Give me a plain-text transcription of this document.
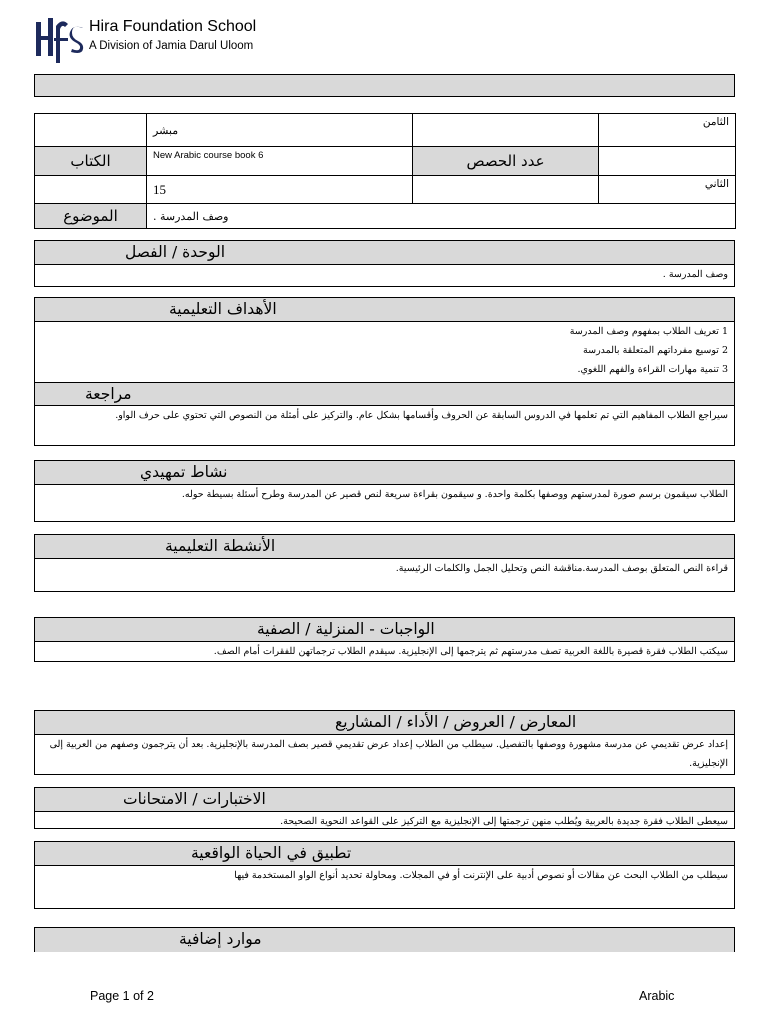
Hira Foundation School
A Division of Jamia Darul Uloom
	مبشر		الثامن
الكتاب	New Arabic course book 6	عدد الحصص	
	15		الثاني
الموضوع	وصف المدرسة .		
الوحدة / الفصل
وصف المدرسة .
الأهداف التعليمية
1 تعريف الطلاب بمفهوم وصف المدرسة
2 توسيع مفرداتهم المتعلقة بالمدرسة
3 تنمية مهارات القراءة والفهم اللغوي.
مراجعة
سيراجع الطلاب المفاهيم التي تم تعلمها في الدروس السابقة عن الحروف وأقسامها بشكل عام. والتركيز على أمثلة من النصوص التي تحتوي على حرف الواو.
نشاط تمهيدي
الطلاب سيقمون برسم صورة لمدرستهم ووصفها بكلمة واحدة. و سيقمون بقراءة سريعة لنص قصير عن المدرسة وطرح أسئلة بسيطة حوله.
الأنشطة التعليمية
قراءة النص المتعلق بوصف المدرسة.مناقشة النص وتحليل الجمل والكلمات الرئيسية.
الواجبات - المنزلية / الصفية
سيكتب الطلاب فقرة قصيرة باللغة العربية تصف مدرستهم ثم يترجمها إلى الإنجليزية. سيقدم الطلاب ترجماتهن للفقرات أمام الصف.
المعارض / العروض / الأداء / المشاريع
إعداد عرض تقديمي عن مدرسة مشهورة ووصفها بالتفصيل. سيطلب من الطلاب إعداد عرض تقديمي قصير بصف المدرسة بالإنجليزية. بعد أن يترجمون وصفهم من العربية إلى
الإنجليزية.
الاختبارات / الامتحانات
سيعطى الطلاب فقرة جديدة بالعربية ويُطلب منهن ترجمتها إلى الإنجليزية مع التركيز على القواعد النحوية الصحيحة.
تطبيق في الحياة الواقعية
سيطلب من الطلاب البحث عن مقالات أو نصوص أدبية على الإنترنت أو في المجلات. ومحاولة تحديد أنواع الواو المستخدمة فيها
موارد إضافية
Page 1 of 2	Arabic
